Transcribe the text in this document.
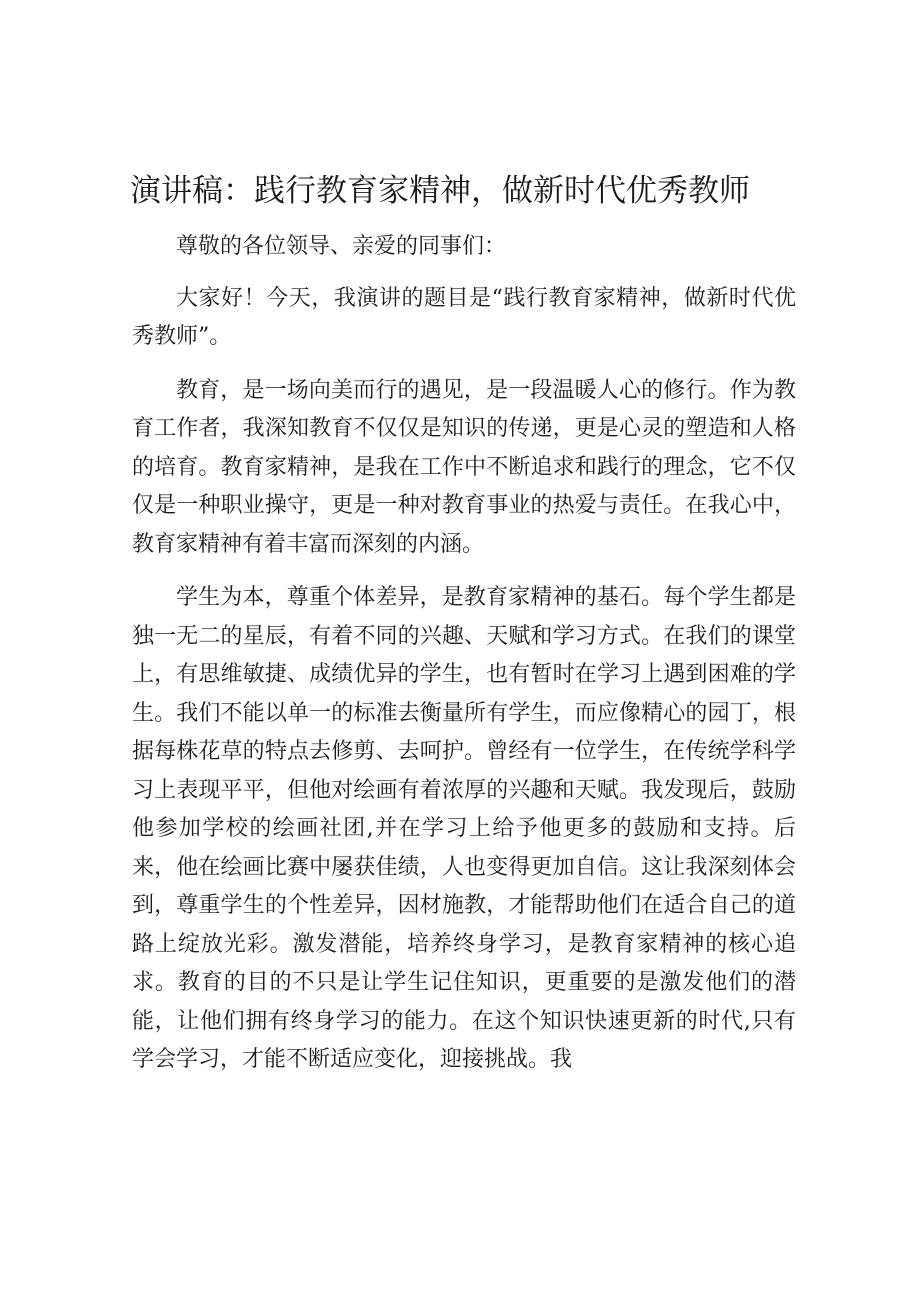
演讲稿：践行教育家精神，做新时代优秀教师

尊敬的各位领导、亲爱的同事们：

大家好！今天，我演讲的题目是“践行教育家精神，做新时代优秀教师”。

教育，是一场向美而行的遇见，是一段温暖人心的修行。作为教育工作者，我深知教育不仅仅是知识的传递，更是心灵的塑造和人格的培育。教育家精神，是我在工作中不断追求和践行的理念，它不仅仅是一种职业操守，更是一种对教育事业的热爱与责任。在我心中，教育家精神有着丰富而深刻的内涵。

学生为本，尊重个体差异，是教育家精神的基石。每个学生都是独一无二的星辰，有着不同的兴趣、天赋和学习方式。在我们的课堂上，有思维敏捷、成绩优异的学生，也有暂时在学习上遇到困难的学生。我们不能以单一的标准去衡量所有学生，而应像精心的园丁，根据每株花草的特点去修剪、去呵护。曾经有一位学生，在传统学科学习上表现平平，但他对绘画有着浓厚的兴趣和天赋。我发现后，鼓励他参加学校的绘画社团,并在学习上给予他更多的鼓励和支持。后来，他在绘画比赛中屡获佳绩，人也变得更加自信。这让我深刻体会到，尊重学生的个性差异，因材施教，才能帮助他们在适合自己的道路上绽放光彩。激发潜能，培养终身学习，是教育家精神的核心追求。教育的目的不只是让学生记住知识，更重要的是激发他们的潜能，让他们拥有终身学习的能力。在这个知识快速更新的时代,只有学会学习，才能不断适应变化，迎接挑战。我
